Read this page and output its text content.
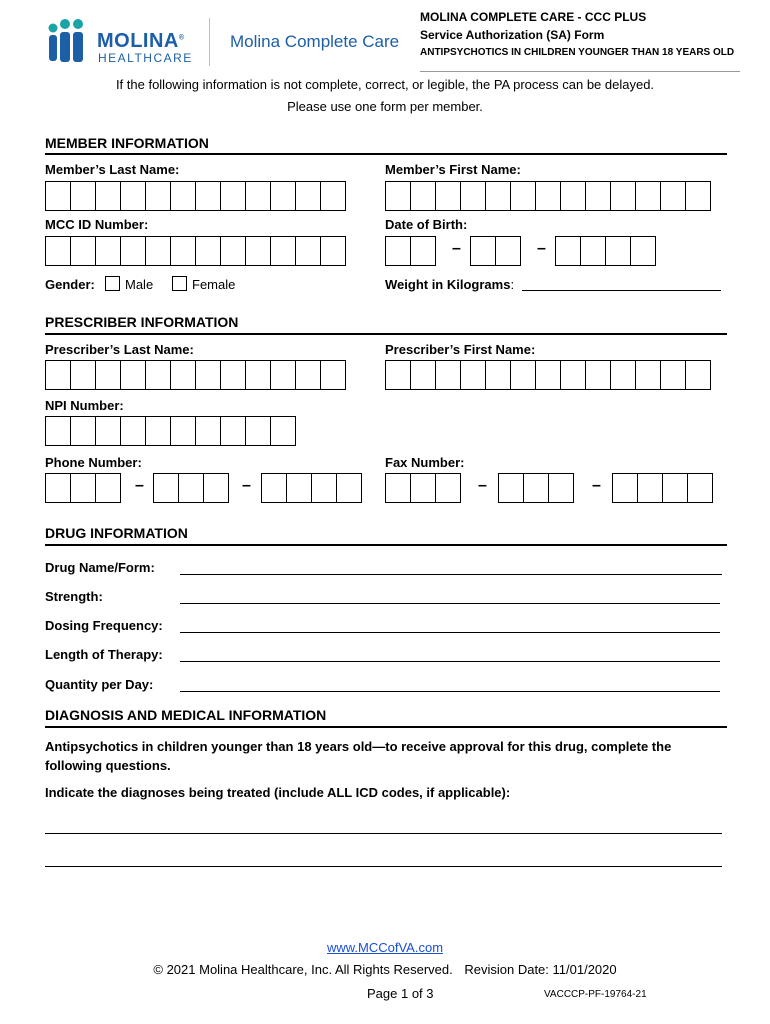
MOLINA®
HEALTHCARE
Molina Complete Care
MOLINA COMPLETE CARE - CCC PLUS
Service Authorization (SA) Form
ANTIPSYCHOTICS IN CHILDREN YOUNGER THAN 18 YEARS OLD
If the following information is not complete, correct, or legible, the PA process can be delayed.
Please use one form per member.
MEMBER INFORMATION
Member’s Last Name:	Member’s First Name:
MCC ID Number:	Date of Birth:
–	–
Gender: Male	Female	Weight in Kilograms:
PRESCRIBER INFORMATION
Prescriber’s Last Name:	Prescriber’s First Name:
NPI Number:
Phone Number:	Fax Number:
–	–	–	–
DRUG INFORMATION
Drug Name/Form:
Strength:
Dosing Frequency:
Length of Therapy:
Quantity per Day:
DIAGNOSIS AND MEDICAL INFORMATION
Antipsychotics in children younger than 18 years old—to receive approval for this drug, complete the
following questions.
Indicate the diagnoses being treated (include ALL ICD codes, if applicable):
www.MCCofVA.com
© 2021 Molina Healthcare, Inc. All Rights Reserved. Revision Date: 11/01/2020
Page 1 of 3	VACCCP-PF-19764-21
